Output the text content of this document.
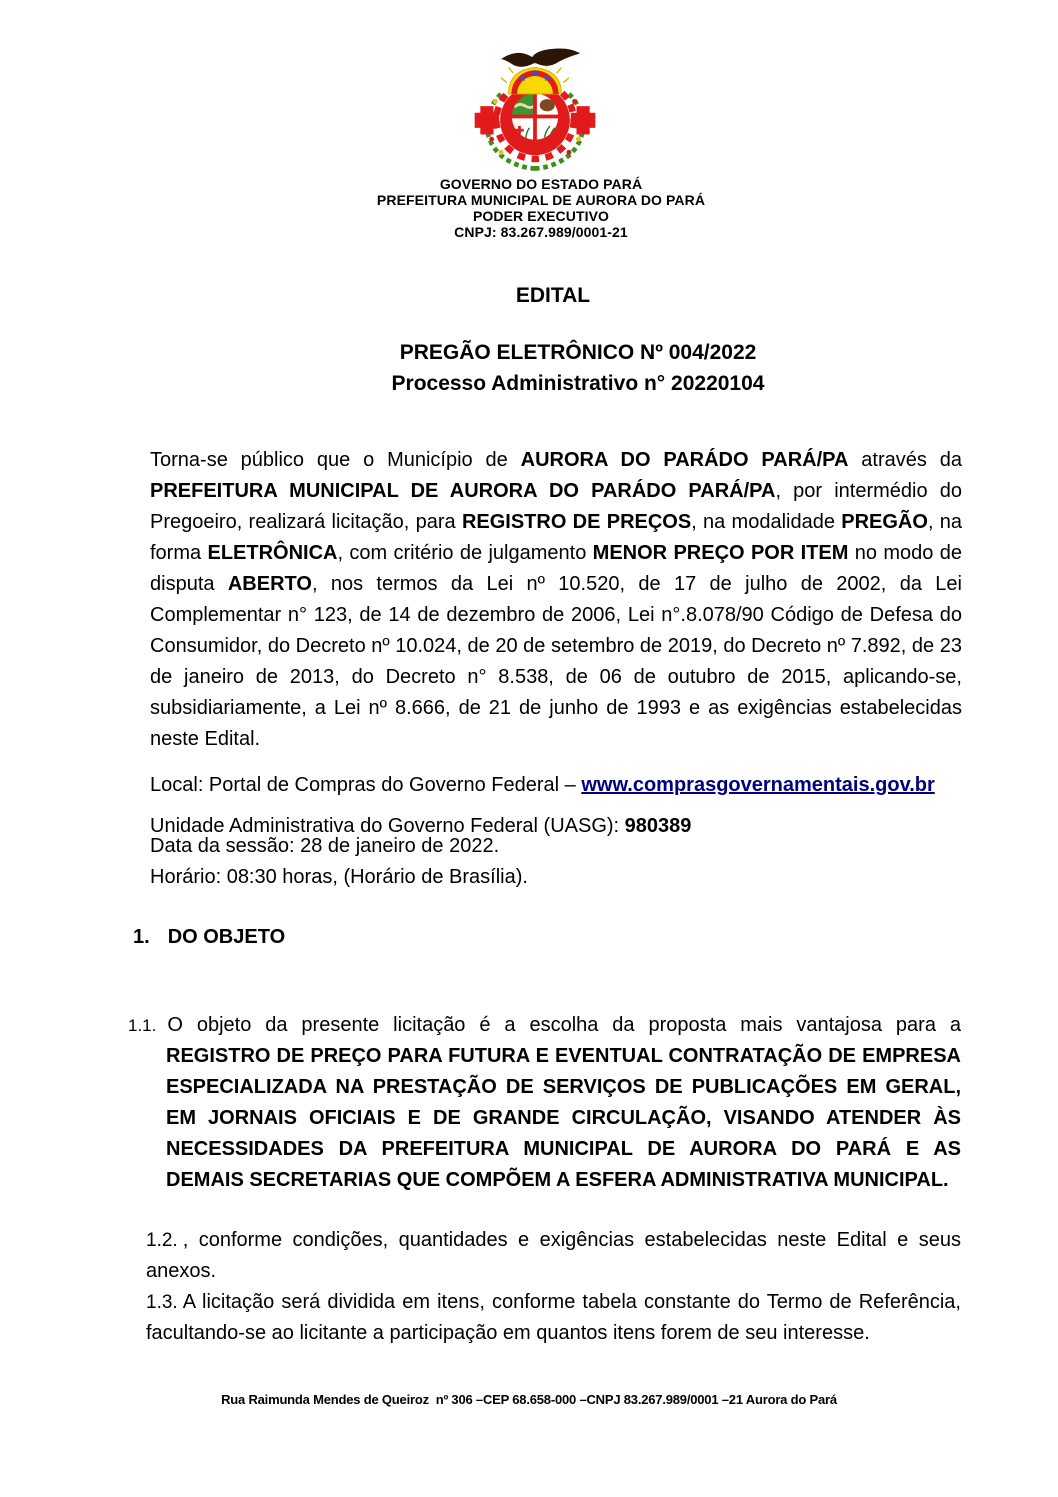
GOVERNO DO ESTADO PARÁ
PREFEITURA MUNICIPAL DE AURORA DO PARÁ
PODER EXECUTIVO
CNPJ: 83.267.989/0001-21
EDITAL
PREGÃO ELETRÔNICO Nº 004/2022
Processo Administrativo n° 20220104

Torna-se público que o Município de AURORA DO PARÁDO PARÁ/PA através da PREFEITURA MUNICIPAL DE AURORA DO PARÁDO PARÁ/PA, por intermédio do Pregoeiro, realizará licitação, para REGISTRO DE PREÇOS, na modalidade PREGÃO, na forma ELETRÔNICA, com critério de julgamento MENOR PREÇO POR ITEM no modo de disputa ABERTO, nos termos da Lei nº 10.520, de 17 de julho de 2002, da Lei Complementar n° 123, de 14 de dezembro de 2006, Lei n°.8.078/90 Código de Defesa do Consumidor, do Decreto nº 10.024, de 20 de setembro de 2019, do Decreto nº 7.892, de 23 de janeiro de 2013, do Decreto n° 8.538, de 06 de outubro de 2015, aplicando-se, subsidiariamente, a Lei nº 8.666, de 21 de junho de 1993 e as exigências estabelecidas neste Edital.

Local: Portal de Compras do Governo Federal – www.comprasgovernamentais.gov.br

Unidade Administrativa do Governo Federal (UASG): 980389

Data da sessão: 28 de janeiro de 2022.
Horário: 08:30 horas, (Horário de Brasília).
1. DO OBJETO

1.1. O objeto da presente licitação é a escolha da proposta mais vantajosa para a REGISTRO DE PREÇO PARA FUTURA E EVENTUAL CONTRATAÇÃO DE EMPRESA ESPECIALIZADA NA PRESTAÇÃO DE SERVIÇOS DE PUBLICAÇÕES EM GERAL, EM JORNAIS OFICIAIS E DE GRANDE CIRCULAÇÃO, VISANDO ATENDER ÀS NECESSIDADES DA PREFEITURA MUNICIPAL DE AURORA DO PARÁ E AS DEMAIS SECRETARIAS QUE COMPÕEM A ESFERA ADMINISTRATIVA MUNICIPAL.

1.2. , conforme condições, quantidades e exigências estabelecidas neste Edital e seus anexos.

1.3. A licitação será dividida em itens, conforme tabela constante do Termo de Referência, facultando-se ao licitante a participação em quantos itens forem de seu interesse.

Rua Raimunda Mendes de Queiroz  nº 306 –CEP 68.658-000 –CNPJ 83.267.989/0001 –21 Aurora do Pará
